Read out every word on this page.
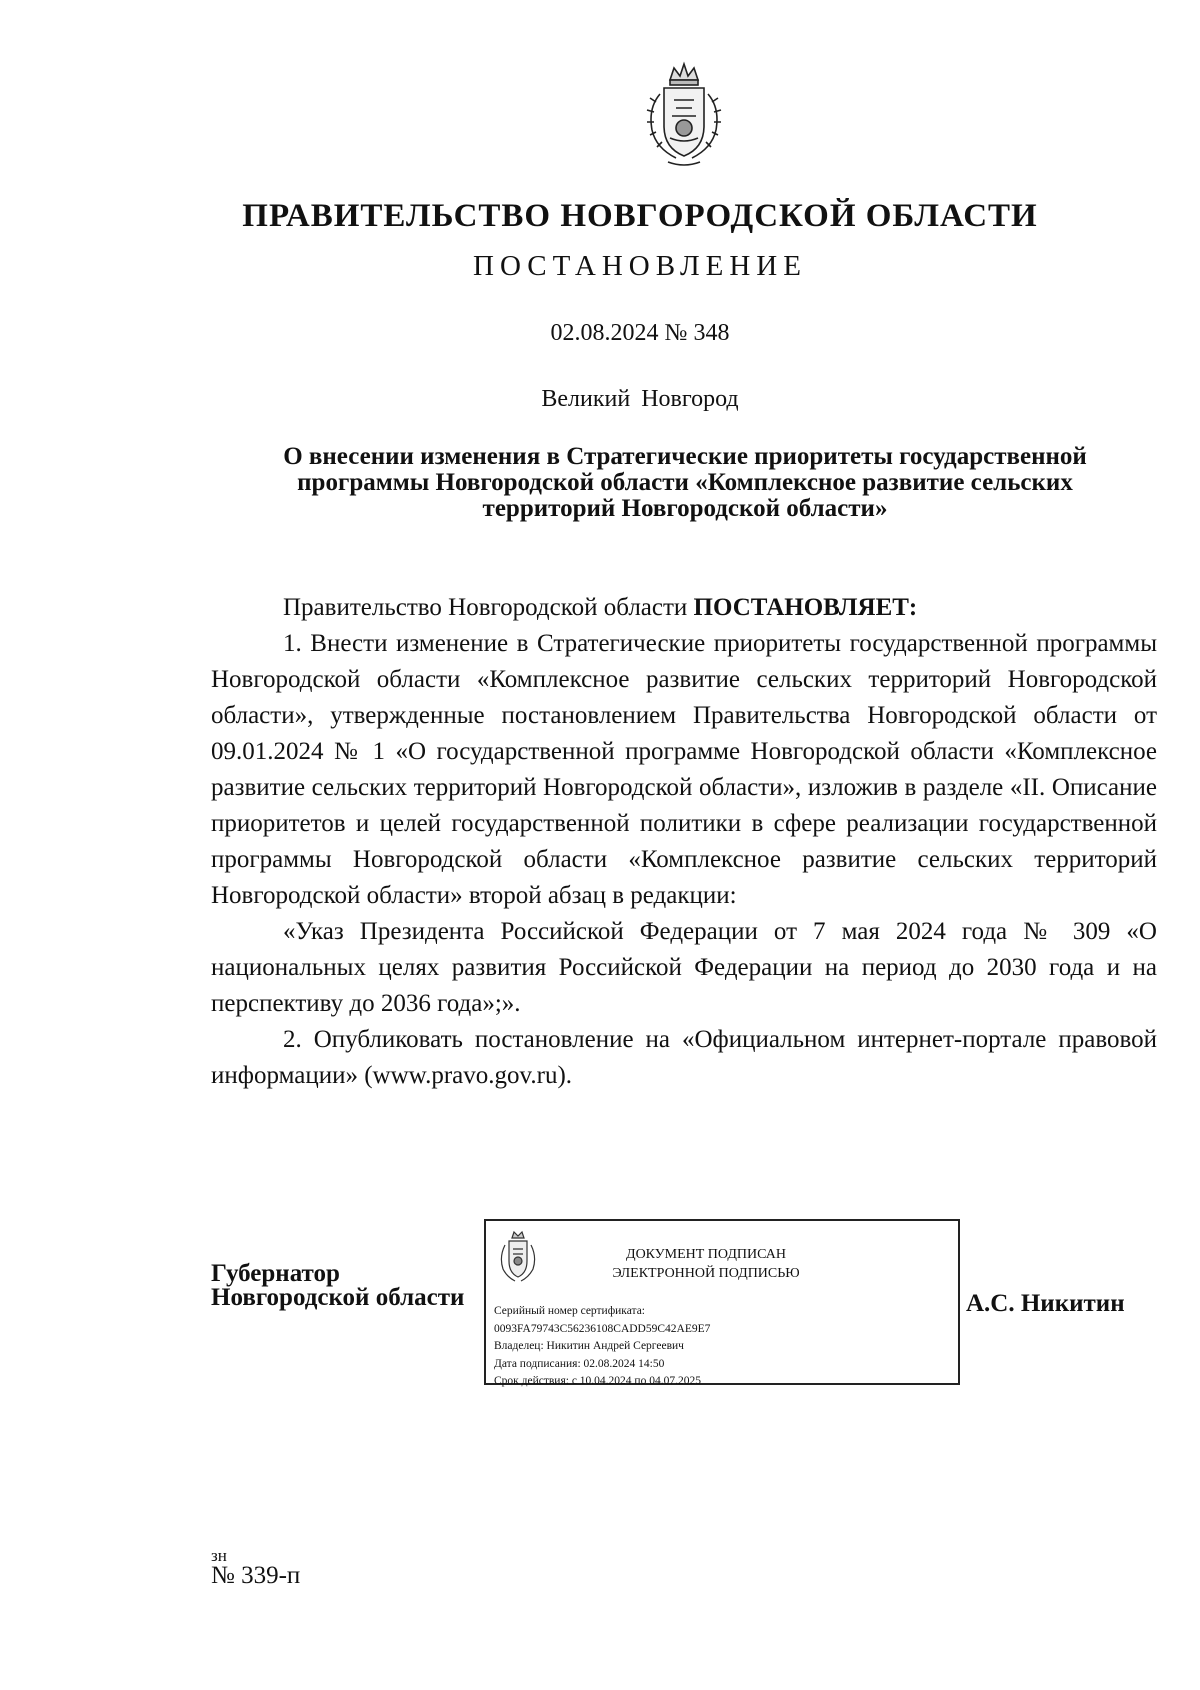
ПРАВИТЕЛЬСТВО НОВГОРОДСКОЙ ОБЛАСТИ
ПОСТАНОВЛЕНИЕ
02.08.2024 № 348
Великий Новгород
О внесении изменения в Стратегические приоритеты государственной
программы Новгородской области «Комплексное развитие сельских
территорий Новгородской области»

Правительство Новгородской области ПОСТАНОВЛЯЕТ:

1. Внести изменение в Стратегические приоритеты государственной программы Новгородской области «Комплексное развитие сельских территорий Новгородской области», утвержденные постановлением Правительства Новгородской области от 09.01.2024 № 1 «О государственной программе Новгородской области «Комплексное развитие сельских территорий Новгородской области», изложив в разделе «II. Описание приоритетов и целей государственной политики в сфере реализации государственной программы Новгородской области «Комплексное развитие сельских территорий Новгородской области» второй абзац в редакции:

«Указ Президента Российской Федерации от 7 мая 2024 года № 309 «О национальных целях развития Российской Федерации на период до 2030 года и на перспективу до 2036 года»;».

2. Опубликовать постановление на «Официальном интернет-портале правовой информации» (www.pravo.gov.ru).

Губернатор
Новгородской области
ДОКУМЕНТ ПОДПИСАН
ЭЛЕКТРОННОЙ ПОДПИСЬЮ
Серийный номер сертификата:
0093FA79743C56236108CADD59C42AE9E7
Владелец: Никитин Андрей Сергеевич
Дата подписания: 02.08.2024 14:50
Срок действия: с 10.04.2024 по 04.07.2025
А.С. Никитин
зн
№ 339-п
